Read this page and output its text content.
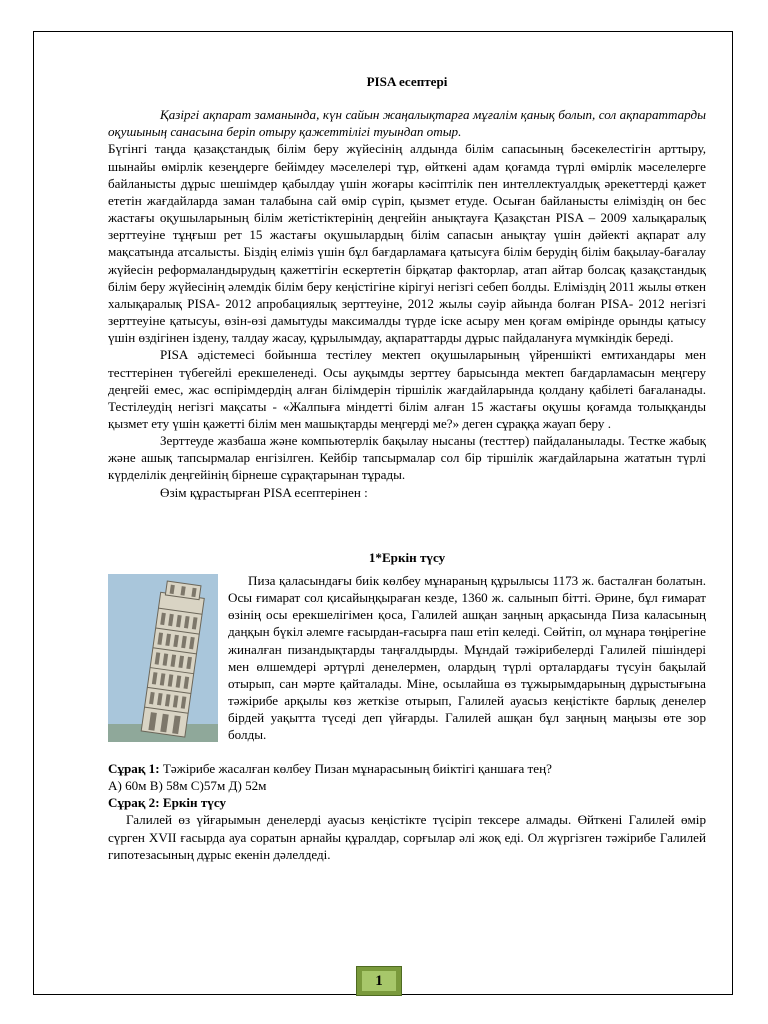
PISA есептері

Қазіргі ақпарат заманында, күн сайын жаңалықтарға мұғалім қанық болып, сол ақпараттарды оқушының санасына беріп отыру қажеттілігі туындап отыр.

Бүгінгі таңда қазақстандық білім беру жүйесінің алдында білім сапасының бәсекелестігін арттыру, шынайы өмірлік кезеңдерге бейімдеу мәселелері тұр, өйткені адам қоғамда түрлі өмірлік мәселелерге байланысты дұрыс шешімдер қабылдау үшін жоғары кәсіптілік пен интеллектуалдық әрекеттерді қажет ететін жағдайларда заман талабына сай өмір сүріп, қызмет етуде. Осыған байланысты еліміздің он бес жастағы оқушыларының білім жетістіктерінің деңгейін анықтауға Қазақстан PISA – 2009 халықаралық зерттеуіне тұңғыш рет 15 жастағы оқушылардың білім сапасын анықтау үшін дәйекті ақпарат алу мақсатында атсалысты. Біздің еліміз үшін бұл бағдарламаға қатысуға білім берудің білім бақылау-бағалау жүйесін реформаландырудың қажеттігін ескертетін бірқатар факторлар, атап айтар болсақ қазақстандық білім беру жүйесінің әлемдік білім беру кеңістігіне кірігуі негізгі себеп болды. Еліміздің 2011 жылы өткен халықаралық PISA- 2012 апробациялық зерттеуіне, 2012 жылы сәуір айында болған PISA- 2012 негізгі зерттеуіне қатысуы, өзін-өзі дамытуды максималды түрде іске асыру мен қоғам өмірінде орынды қатысу үшін өздігінен іздену, талдау жасау, құрылымдау, ақпараттарды дұрыс пайдалануға мүмкіндік береді.

PISA әдістемесі бойынша тестілеу мектеп оқушыларының үйреншікті емтихандары мен тесттерінен түбегейлі ерекшеленеді. Осы ауқымды зерттеу барысында мектеп бағдарламасын меңгеру деңгейі емес, жас өспірімдердің алған білімдерін тіршілік жағдайларында қолдану қабілеті бағаланады. Тестілеудің негізгі мақсаты - «Жалпыға міндетті білім алған 15 жастағы оқушы қоғамда толыққанды қызмет ету үшін қажетті білім мен машықтарды меңгерді ме?» деген сұраққа жауап беру .

Зерттеуде жазбаша және компьютерлік бақылау нысаны (тесттер) пайдаланылады. Тестке жабық және ашық тапсырмалар енгізілген. Кейбір тапсырмалар сол бір тіршілік жағдайларына жататын түрлі күрделілік деңгейінің бірнеше сұрақтарынан тұрады.

Өзім құрастырған PISA есептерінен :

1*Еркін түсу

Пиза қаласындағы биік көлбеу мұнараның құрылысы 1173 ж. басталған болатын. Осы ғимарат сол қисайыңқыраған кезде, 1360 ж. салынып бітті. Әрине, бұл ғимарат өзінің осы ерекшелігімен қоса, Галилей ашқан заңның арқасында Пиза каласының даңқын бүкіл әлемге ғасырдан-ғасырға паш етіп келеді. Сөйтіп, ол мұнара төңірегіне жиналған пизандықтарды таңғалдырды. Мұндай тәжірибелерді Галилей пішіндері мен өлшемдері әртүрлі денелермен, олардың түрлі орталардағы түсуін бақылай отырып, сан мәрте қайталады. Міне, осылайша өз тұжырымдарының дұрыстығына тәжірибе арқылы көз жеткізе отырып, Галилей ауасыз кеңістікте барлық денелер бірдей уақытта түседі деп үйғарды. Галилей ашқан бұл заңның маңызы өте зор болды.

Сұрақ 1: Тәжірибе жасалған көлбеу Пизан мұнарасының биіктігі қаншаға тең?

А) 60м В) 58м С)57м Д) 52м

Сұрақ 2: Еркін түсу

Галилей өз үйғарымын денелерді ауасыз кеңістікте түсіріп тексере алмады. Өйткені Галилей өмір сүрген XVII ғасырда ауа соратын арнайы құралдар, сорғылар әлі жоқ еді. Ол жүргізген тәжірибе Галилей гипотезасының дұрыс екенін дәлелдеді.

1
